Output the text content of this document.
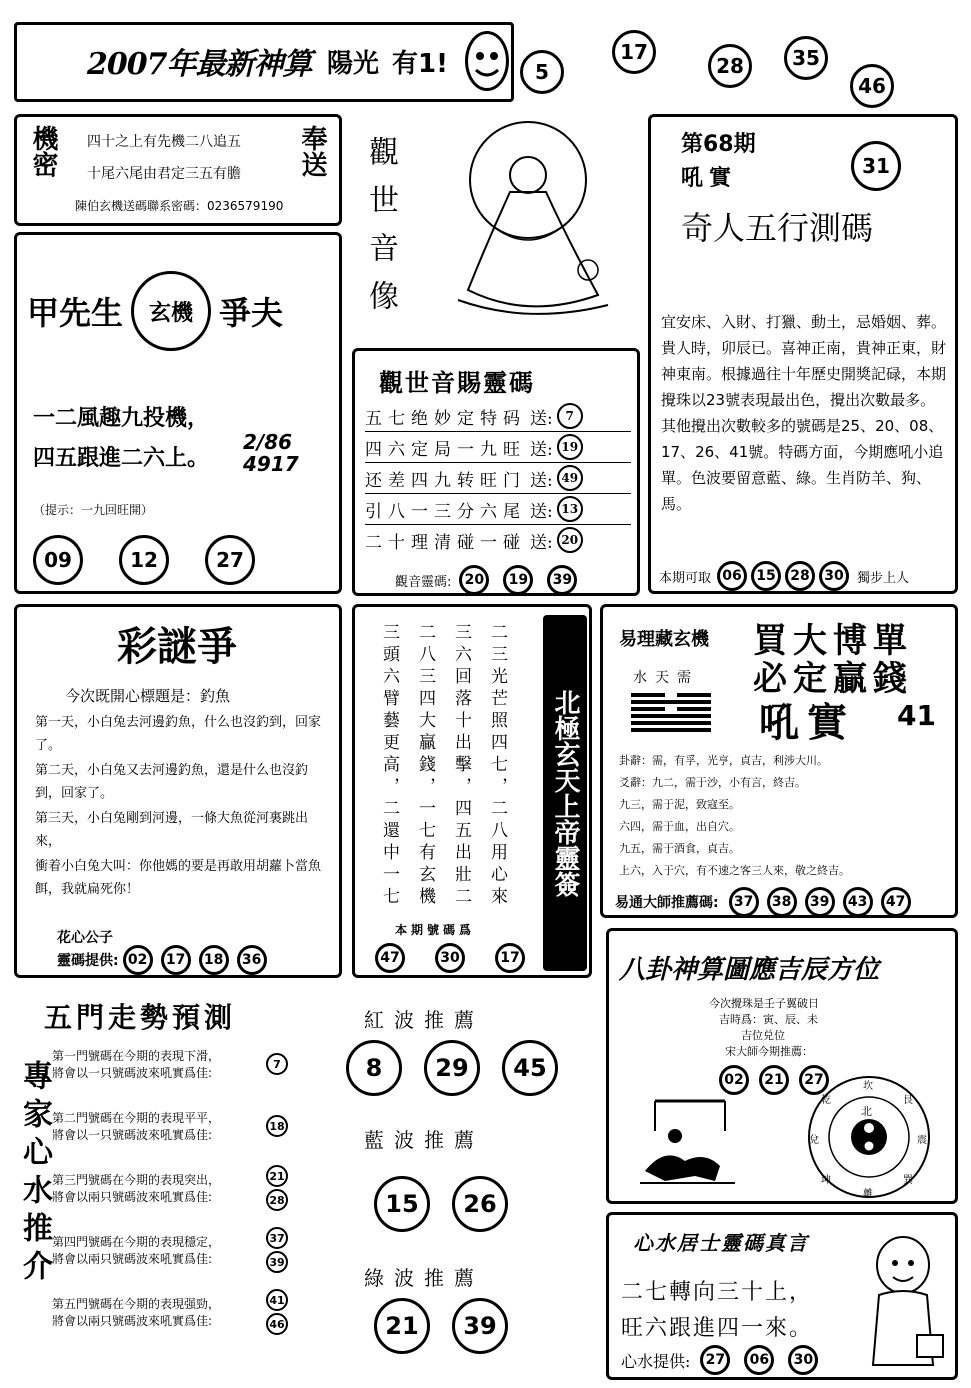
2007年最新神算 陽光 有1!	5
17
28	35
46
機密	奉送
四十之上有先機二八追五
十尾六尾由君定三五有膽
陳伯玄機送碼聯系密碼：0236579190	觀世音像	第68期
吼實	31
奇人五行測碼
宜安床、入財、打獵、動土，忌婚姻、葬。貴人時，卯辰已。喜神正南，貴神正東，財神東南。根據過往十年歷史開獎記碌，本期攪珠以23號表現最出色，攪出次數最多。其他攪出次數較多的號碼是25、20、08、17、26、41號。特碼方面，今期應吼小追單。色波要留意藍、綠。生肖防羊、狗、馬。
本期可取 06	15	28	30	獨步上人
甲先生	玄機 爭夫
一二風趣九投機，
四五跟進二六上。
2/86 4917
（提示：一九回旺開）
09	12	27
觀世音賜靈碼
五七绝妙定特码 送:	7
四六定局一九旺 送: 19
还差四九转旺门 送: 49
引八一三分六尾 送: 13
二十理清碰一碰 送: 20
觀音靈碼: 20	19	39
彩謎爭
今次既開心標題是：釣魚

第一天，小白兔去河邊釣魚，什么也沒釣到，回家了。

第二天，小白兔又去河邊釣魚，還是什么也沒釣到，回家了。

第三天，小白兔剛到河邊，一條大魚從河裏跳出來，

衝着小白兔大叫：你他媽的要是再敢用胡蘿卜當魚餌，我就扁死你！

花心公子
靈碼提供: 02	17	18	36
二三光芒照四七，二八用心來
三六回落十出擊，四五出壯二
二八三四大贏錢，一七有玄機
三頭六臂藝更高，二還中一七	北極玄天上帝靈簽
本期號碼爲
47	30	17
易理藏玄機 買大博單
必定贏錢
水天需
吼實 41

卦辭：需，有孚，光亨，貞吉，利涉大川。

爻辭：九二，需于沙，小有言，終吉。

九三，需于泥，致寇至。

六四，需于血，出自穴。

九五，需于酒食，貞吉。

上六，入于穴，有不速之客三人來，敬之終吉。

易通大師推薦碼:	37	38	39	43	47
五門走勢預測
專家心水推介
第一門號碼在今期的表現下滑，
將會以一只號碼波來吼實爲佳:
7
第二門號碼在今期的表現平平，
將會以一只號碼波來吼實爲佳:
18
第三門號碼在今期的表現突出，
將會以兩只號碼波來吼實爲佳:
21
28
第四門號碼在今期的表現穩定，
將會以兩只號碼波來吼實爲佳:
37
39
第五門號碼在今期的表現强勁，
將會以兩只號碼波來吼實爲佳:
41
46
紅波推薦
8	29	45
藍波推薦
15	26
綠波推薦
21	39
八卦神算圖應吉辰方位
今次攪珠是壬子翼破日
吉時爲：寅、辰、未
吉位兑位
宋大師今期推薦：
02	21	27
北
坎
艮
震
巽
離
坤
兌
乾
心水居士靈碼真言
二七轉向三十上，
旺六跟進四一來。
心水提供:	27	06	30
